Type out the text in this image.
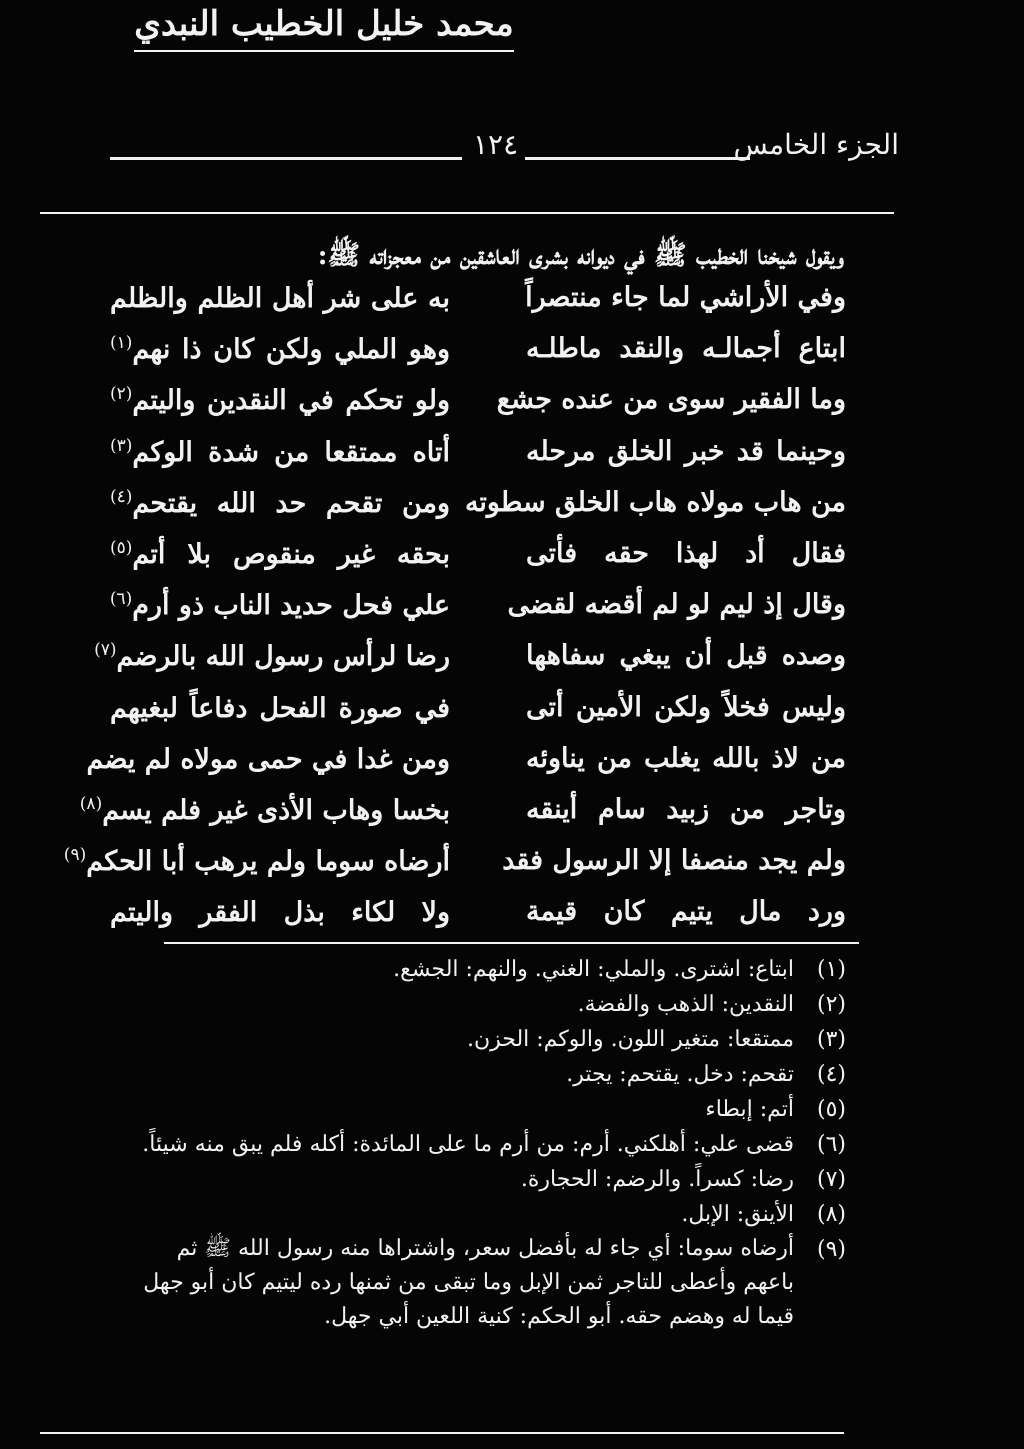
محمد خليل الخطيب النبدي
١٢٤	الجزء الخامس
ويقول شيخنا الخطيب ﷺ في ديوانه بشرى العاشقين من معجزاته ﷺ:
وفي الأراشي لما جاء منتصراً
به على شر أهل الظلم والظلم
ابتاع أجمالـه والنقد ماطلـه
وهو الملي ولكن كان ذا نهم$^{(١)}$
وما الفقير سوى من عنده جشع
ولو تحكم في النقدين واليتم$^{(٢)}$
وحينما قد خبر الخلق مرحله
أتاه ممتقعا من شدة الوكم$^{(٣)}$
من هاب مولاه هاب الخلق سطوته
ومن تقحم حد الله يقتحم$^{(٤)}$
فقال أد لهذا حقه فأتى
بحقه غير منقوص بلا أتم$^{(٥)}$
وقال إذ ليم لو لم أقضه لقضى
علي فحل حديد الناب ذو أرم$^{(٦)}$
وصده قبل أن يبغي سفاهها
رضا لرأس رسول الله بالرضم$^{(٧)}$
وليس فخلاً ولكن الأمين أتى
في صورة الفحل دفاعاً لبغيهم
من لاذ بالله يغلب من يناوئه
ومن غدا في حمى مولاه لم يضم
وتاجر من زبيد سام أينقه
بخسا وهاب الأذى غير فلم يسم$^{(٨)}$
ولم يجد منصفا إلا الرسول فقد
أرضاه سوما ولم يرهب أبا الحكم$^{(٩)}$
ورد مال يتيم كان قيمة
ولا لكاء بذل الفقر واليتم
(١)
ابتاع: اشترى. والملي: الغني. والنهم: الجشع.
(٢)
النقدين: الذهب والفضة.
(٣)
ممتقعا: متغير اللون. والوكم: الحزن.
(٤)
تقحم: دخل. يقتحم: يجتر.
(٥)
أتم: إبطاء
(٦)
قضى علي: أهلكني. أرم: من أرم ما على المائدة: أكله فلم يبق منه شيئاً.
(٧)
رضا: كسراً. والرضم: الحجارة.
(٨)
الأينق: الإبل.
(٩)
أرضاه سوما: أي جاء له بأفضل سعر، واشتراها منه رسول الله ﷺ ثم باعهم وأعطى للتاجر ثمن الإبل وما تبقى من ثمنها رده ليتيم كان أبو جهل قيما له وهضم حقه. أبو الحكم: كنية اللعين أبي جهل.
